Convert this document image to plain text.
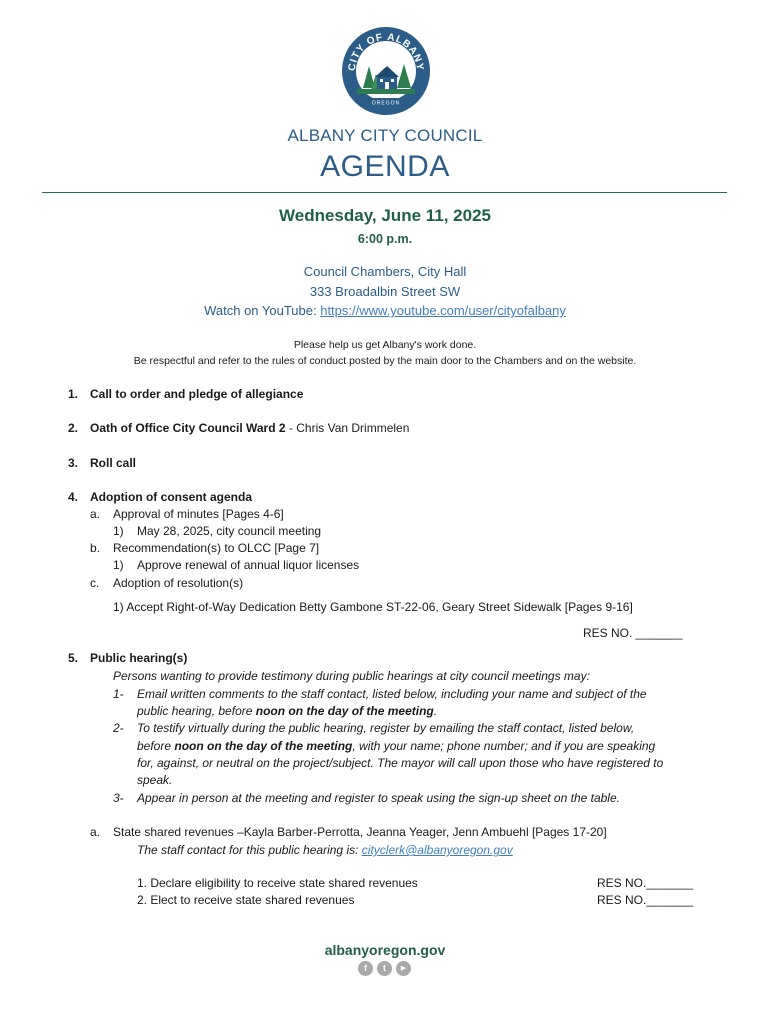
CITY OF ALBANY
OREGON
ALBANY CITY COUNCIL
AGENDA
Wednesday, June 11, 2025
6:00 p.m.
Council Chambers, City Hall
333 Broadalbin Street SW
Watch on YouTube: https://www.youtube.com/user/cityofalbany
Please help us get Albany's work done.
Be respectful and refer to the rules of conduct posted by the main door to the Chambers and on the website.
1. Call to order and pledge of allegiance
2. Oath of Office City Council Ward 2 - Chris Van Drimmelen
3. Roll call
4. Adoption of consent agenda
a. Approval of minutes [Pages 4-6]
1) May 28, 2025, city council meeting
b. Recommendation(s) to OLCC [Page 7]
1) Approve renewal of annual liquor licenses
c. Adoption of resolution(s)
1) Accept Right-of-Way Dedication Betty Gambone ST-22-06, Geary Street Sidewalk [Pages 9-16]
RES NO. _______
5. Public hearing(s)
Persons wanting to provide testimony during public hearings at city council meetings may:
1- Email written comments to the staff contact, listed below, including your name and subject of the
public hearing, before noon on the day of the meeting.
2- To testify virtually during the public hearing, register by emailing the staff contact, listed below,
before noon on the day of the meeting, with your name; phone number; and if you are speaking
for, against, or neutral on the project/subject. The mayor will call upon those who have registered to
speak.
3- Appear in person at the meeting and register to speak using the sign-up sheet on the table.
a. State shared revenues –Kayla Barber-Perrotta, Jeanna Yeager, Jenn Ambuehl [Pages 17-20]
The staff contact for this public hearing is: cityclerk@albanyoregon.gov
1. Declare eligibility to receive state shared revenues	RES NO._______
2. Elect to receive state shared revenues	RES NO._______
albanyoregon.gov
f	t	▶
